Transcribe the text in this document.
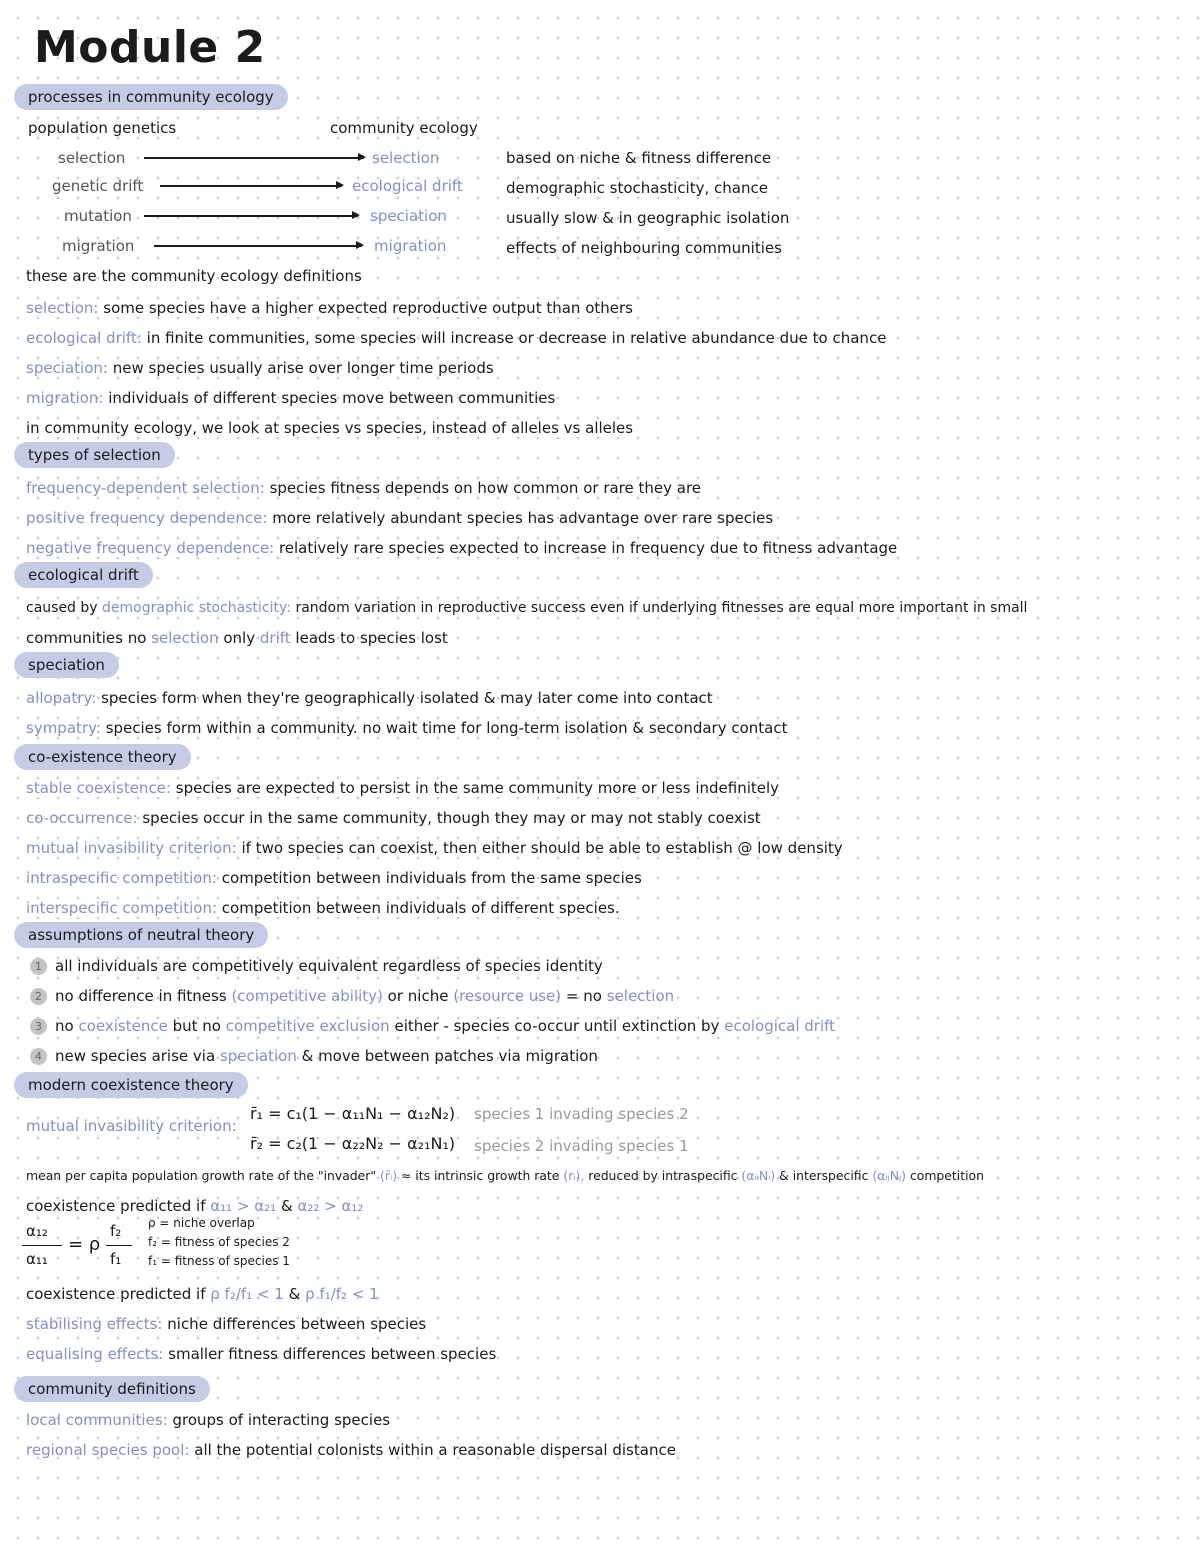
Module 2
processes in community ecology
population genetics	community ecology
selection	selection	based on niche & fitness difference
genetic drift	ecological drift	demographic stochasticity, chance
mutation	speciation	usually slow & in geographic isolation
migration	migration	effects of neighbouring communities
these are the community ecology definitions
selection: some species have a higher expected reproductive output than others
ecological drift: in finite communities, some species will increase or decrease in relative abundance due to chance
speciation: new species usually arise over longer time periods
migration: individuals of different species move between communities
in community ecology, we look at species vs species, instead of alleles vs alleles
types of selection
frequency-dependent selection: species fitness depends on how common or rare they are
positive frequency dependence: more relatively abundant species has advantage over rare species
negative frequency dependence: relatively rare species expected to increase in frequency due to fitness advantage
ecological drift
caused by demographic stochasticity: random variation in reproductive success even if underlying fitnesses are equal more important in small
communities no selection only drift leads to species lost
speciation
allopatry: species form when they're geographically isolated & may later come into contact
sympatry: species form within a community. no wait time for long-term isolation & secondary contact
co-existence theory
stable coexistence: species are expected to persist in the same community more or less indefinitely
co-occurrence: species occur in the same community, though they may or may not stably coexist
mutual invasibility criterion: if two species can coexist, then either should be able to establish @ low density
intraspecific competition: competition between individuals from the same species
interspecific competition: competition between individuals of different species.
assumptions of neutral theory
1 all individuals are competitively equivalent regardless of species identity
2 no difference in fitness (competitive ability) or niche (resource use) = no selection
3 no coexistence but no competitive exclusion either - species co-occur until extinction by ecological drift
4 new species arise via speciation & move between patches via migration
modern coexistence theory
mutual invasibility criterion:
r̄₁ = c₁(1 − α₁₁N₁ − α₁₂N₂)
r̄₂ = c₂(1 − α₂₂N₂ − α₂₁N₁)
species 1 invading species 2
species 2 invading species 1
mean per capita population growth rate of the "invader" (r̄ᵢ) ≈ its intrinsic growth rate (rᵢ), reduced by intraspecific (αᵢᵢNᵢ) & interspecific (αᵢⱼNⱼ) competition
coexistence predicted if α₁₁ > α₂₁ & α₂₂ > α₁₂
α₁₂
α₁₁
= ρ
f₂
f₁
ρ = niche overlap
f₂ = fitness of species 2
f₁ = fitness of species 1
coexistence predicted if ρ f₂/f₁ < 1 & ρ f₁/f₂ < 1
stabilising effects: niche differences between species
equalising effects: smaller fitness differences between species
community definitions
local communities: groups of interacting species
regional species pool: all the potential colonists within a reasonable dispersal distance
